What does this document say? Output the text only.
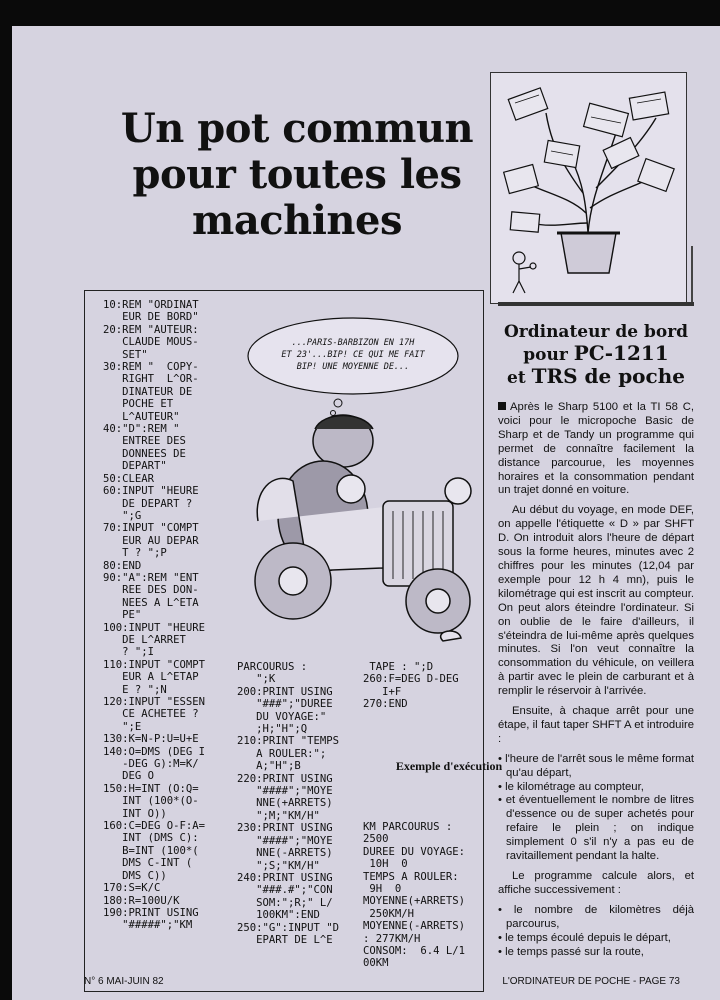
Un pot commun pour toutes les machines
10:REM "ORDINAT
EUR DE BORD"
20:REM "AUTEUR:
CLAUDE MOUS-
SET"
30:REM "  COPY-
RIGHT  L^OR-
DINATEUR DE
POCHE ET
L^AUTEUR"
40:"D":REM "
ENTREE DES
DONNEES DE
DEPART"
50:CLEAR
60:INPUT "HEURE
DE DEPART ?
";G
70:INPUT "COMPT
EUR AU DEPAR
T ? ";P
80:END
90:"A":REM "ENT
REE DES DON-
NEES A L^ETA
PE"
100:INPUT "HEURE
DE L^ARRET
? ";I
110:INPUT "COMPT
EUR A L^ETAP
E ? ";N
120:INPUT "ESSEN
CE ACHETEE ?
";E
130:K=N-P:U=U+E
140:O=DMS (DEG I
-DEG G):M=K/
DEG O
150:H=INT (O:Q=
INT (100*(O-
INT O))
160:C=DEG O-F:A=
INT (DMS C):
B=INT (100*(
DMS C-INT (
DMS C))
170:S=K/C
180:R=100U/K
190:PRINT USING
"#####";"KM
...PARIS-BARBIZON EN 17H
ET 23'...BIP! CE QUI ME FAIT
BIP! UNE MOYENNE DE...
PARCOURUS :
";K
200:PRINT USING
"###";"DUREE
DU VOYAGE:"
;H;"H";Q
210:PRINT "TEMPS
A ROULER:";
A;"H";B
220:PRINT USING
"####";"MOYE
NNE(+ARRETS)
";M;"KM/H"
230:PRINT USING
"####";"MOYE
NNE(-ARRETS)
";S;"KM/H"
240:PRINT USING
"###.#";"CON
SOM:";R;" L/
100KM":END
250:"G":INPUT "D
EPART DE L^E
TAPE : ";D
260:F=DEG D-DEG
I+F
270:END
Exemple d'exécution
KM PARCOURUS :
2500
DUREE DU VOYAGE:
10H  0
TEMPS A ROULER:
9H  0
MOYENNE(+ARRETS)
250KM/H
MOYENNE(-ARRETS)
: 277KM/H
CONSOM:  6.4 L/1
00KM
Ordinateur de bord
pour PC-1211
et TRS de poche

Après le Sharp 5100 et la TI 58 C, voici pour le micropoche Basic de Sharp et de Tandy un programme qui permet de connaître facilement la distance parcourue, les moyennes horaires et la consommation pendant un trajet donné en voiture.

Au début du voyage, en mode DEF, on appelle l'étiquette « D » par SHFT D. On introduit alors l'heure de départ sous la forme heures, minutes avec 2 chiffres pour les minutes (12,04 par exemple pour 12 h 4 mn), puis le kilométrage qui est inscrit au compteur. On peut alors éteindre l'ordinateur. Si on oublie de le faire d'ailleurs, il s'éteindra de lui-même après quelques minutes. Si l'on veut connaître la consommation du véhicule, on veillera à partir avec le plein de carburant et à remplir le réservoir à l'arrivée.

Ensuite, à chaque arrêt pour une étape, il faut taper SHFT A et introduire :

• l'heure de l'arrêt sous le même format qu'au départ,
• le kilométrage au compteur,
• et éventuellement le nombre de litres d'essence ou de super achetés pour refaire le plein ; on indique simplement 0 s'il n'y a pas eu de ravitaillement pendant la halte.

Le programme calcule alors, et affiche successivement :

• le nombre de kilomètres déjà parcourus,
• le temps écoulé depuis le départ,
• le temps passé sur la route,
N° 6 MAI-JUIN 82	L'ORDINATEUR DE POCHE - PAGE 73
